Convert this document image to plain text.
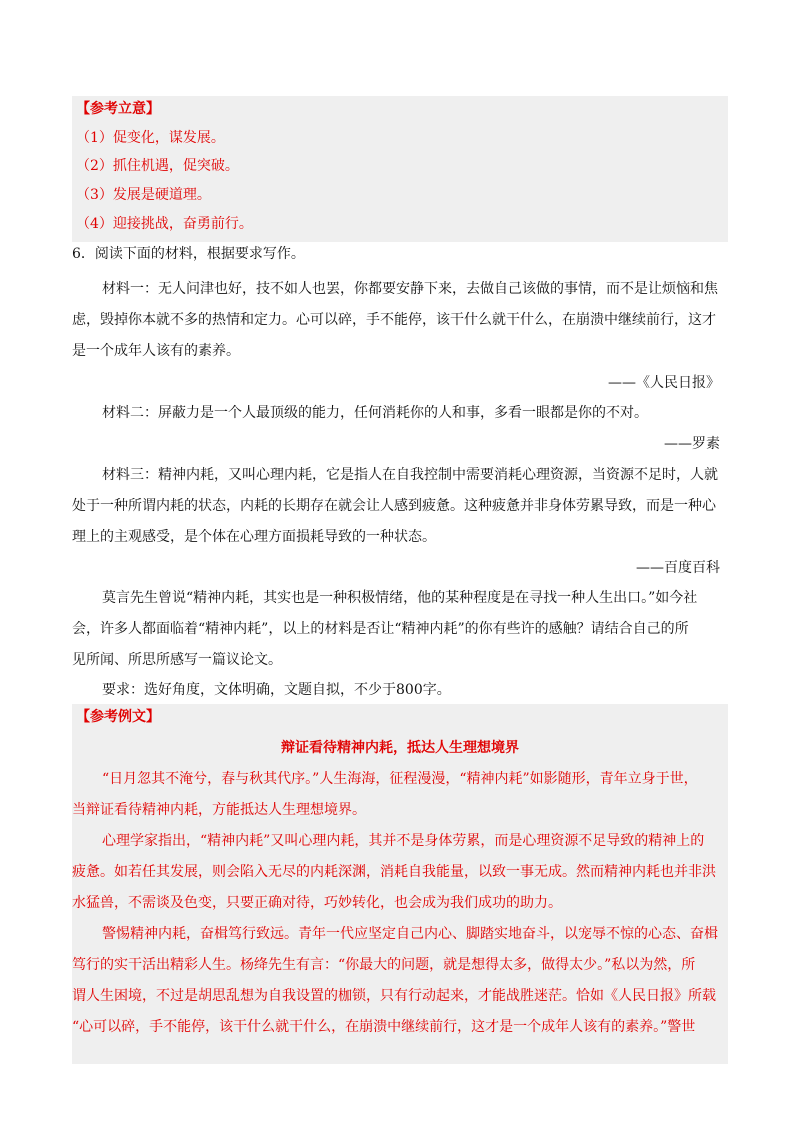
【参考立意】
（1）促变化，谋发展。
（2）抓住机遇，促突破。
（3）发展是硬道理。
（4）迎接挑战，奋勇前行。
6．阅读下面的材料，根据要求写作。
材料一：无人问津也好，技不如人也罢，你都要安静下来，去做自己该做的事情，而不是让烦恼和焦
虑，毁掉你本就不多的热情和定力。心可以碎，手不能停，该干什么就干什么，在崩溃中继续前行，这才
是一个成年人该有的素养。
——《人民日报》
材料二：屏蔽力是一个人最顶级的能力，任何消耗你的人和事，多看一眼都是你的不对。
——罗素
材料三：精神内耗，又叫心理内耗，它是指人在自我控制中需要消耗心理资源，当资源不足时，人就
处于一种所谓内耗的状态，内耗的长期存在就会让人感到疲惫。这种疲惫并非身体劳累导致，而是一种心
理上的主观感受，是个体在心理方面损耗导致的一种状态。
——百度百科
莫言先生曾说“精神内耗，其实也是一种积极情绪，他的某种程度是在寻找一种人生出口。”如今社
会，许多人都面临着“精神内耗”，以上的材料是否让“精神内耗”的你有些许的感触？请结合自己的所
见所闻、所思所感写一篇议论文。
要求：选好角度，文体明确，文题自拟，不少于800字。
【参考例文】
辩证看待精神内耗，抵达人生理想境界
“日月忽其不淹兮，春与秋其代序。”人生海海，征程漫漫，“精神内耗”如影随形，青年立身于世，
当辩证看待精神内耗，方能抵达人生理想境界。
心理学家指出，“精神内耗”又叫心理内耗，其并不是身体劳累，而是心理资源不足导致的精神上的
疲惫。如若任其发展，则会陷入无尽的内耗深渊，消耗自我能量，以致一事无成。然而精神内耗也并非洪
水猛兽，不需谈及色变，只要正确对待，巧妙转化，也会成为我们成功的助力。
警惕精神内耗，奋楫笃行致远。青年一代应坚定自己内心、脚踏实地奋斗，以宠辱不惊的心态、奋楫
笃行的实干活出精彩人生。杨绛先生有言：“你最大的问题，就是想得太多，做得太少。”私以为然，所
谓人生困境，不过是胡思乱想为自我设置的枷锁，只有行动起来，才能战胜迷茫。恰如《人民日报》所载
“心可以碎，手不能停，该干什么就干什么，在崩溃中继续前行，这才是一个成年人该有的素养。”警世
